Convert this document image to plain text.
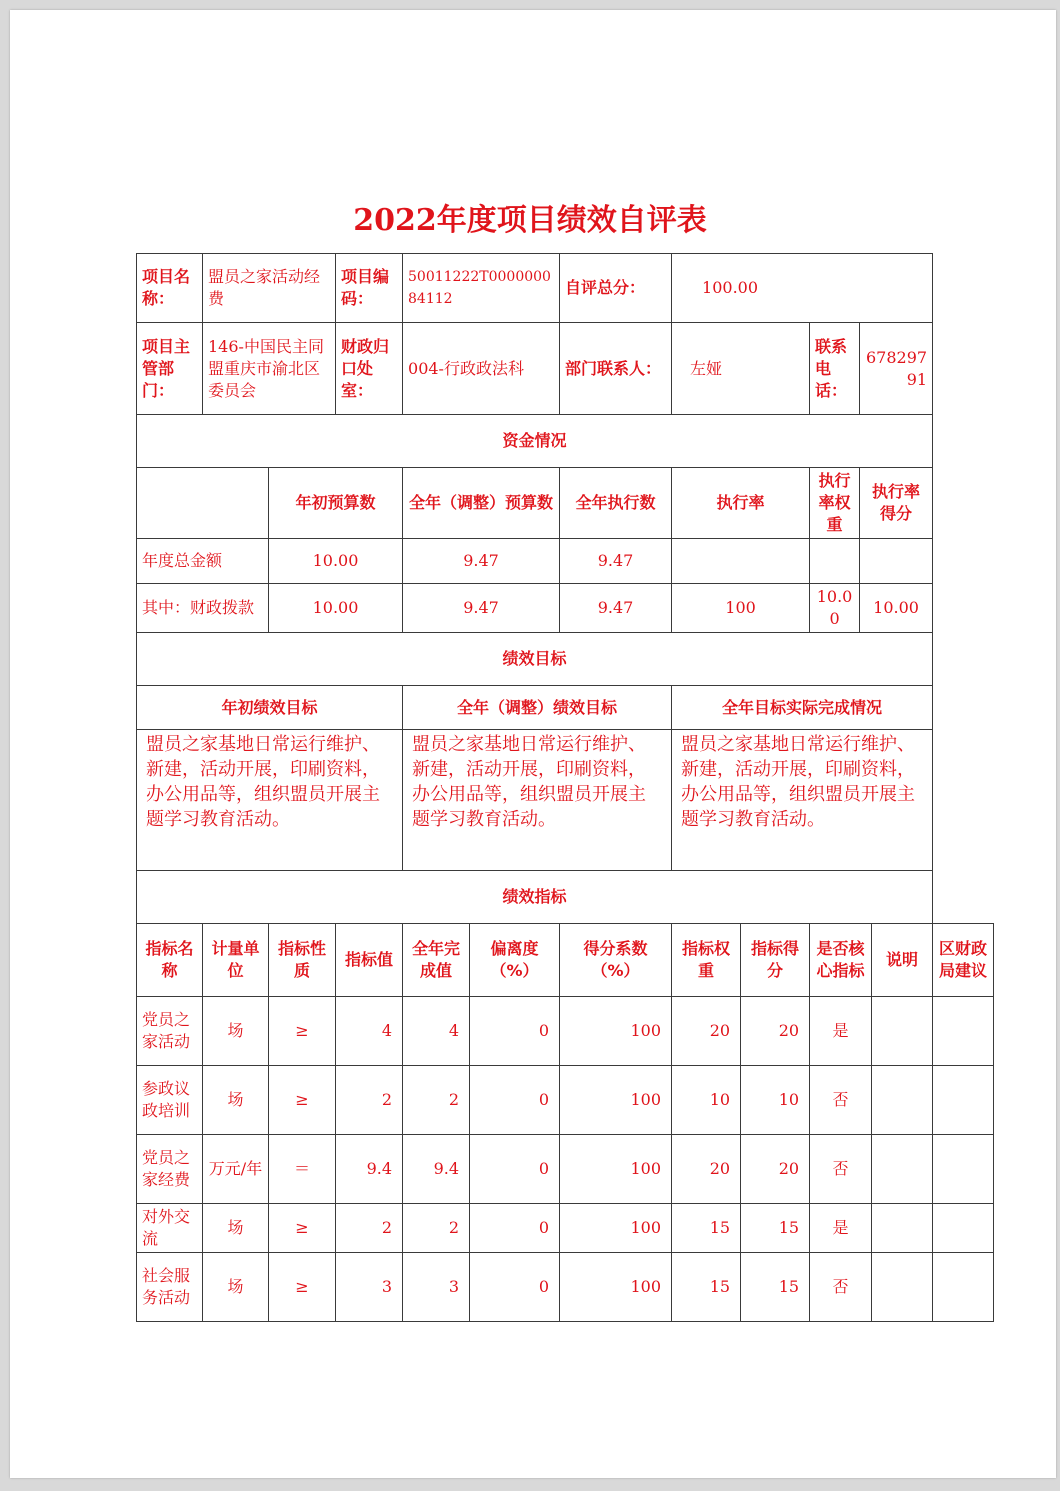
2022年度项目绩效自评表
项目名称：	盟员之家活动经费		项目编码：	50011222T000000084112		自评总分：	100.00					
项目主管部门：	146-中国民主同盟重庆市渝北区委员会		财政归口处室：	004-行政政法科		部门联系人：	左娅		联系电话：	67829791		
资金情况												
		年初预算数		全年（调整）预算数		全年执行数	执行率		执行率权重	执行率得分		
年度总金额		10.00		9.47		9.47						
其中：财政拨款		10.00		9.47		9.47	100		10.00	10.00		
绩效目标												
年初绩效目标				全年（调整）绩效目标			全年目标实际完成情况					
盟员之家基地日常运行维护、新建，活动开展，印刷资料，办公用品等，组织盟员开展主题学习教育活动。				盟员之家基地日常运行维护、新建，活动开展，印刷资料，办公用品等，组织盟员开展主题学习教育活动。			盟员之家基地日常运行维护、新建，活动开展，印刷资料，办公用品等，组织盟员开展主题学习教育活动。					
绩效指标												
指标名称	计量单位	指标性质	指标值	全年完成值	偏离度（%）	得分系数（%）	指标权重	指标得分	是否核心指标		说明	区财政局建议
党员之家活动	场	≥	4	4	0	100	20	20	是			
参政议政培训	场	≥	2	2	0	100	10	10	否			
党员之家经费	万元/年	＝	9.4	9.4	0	100	20	20	否			
对外交流	场	≥	2	2	0	100	15	15	是			
社会服务活动	场	≥	3	3	0	100	15	15	否			
